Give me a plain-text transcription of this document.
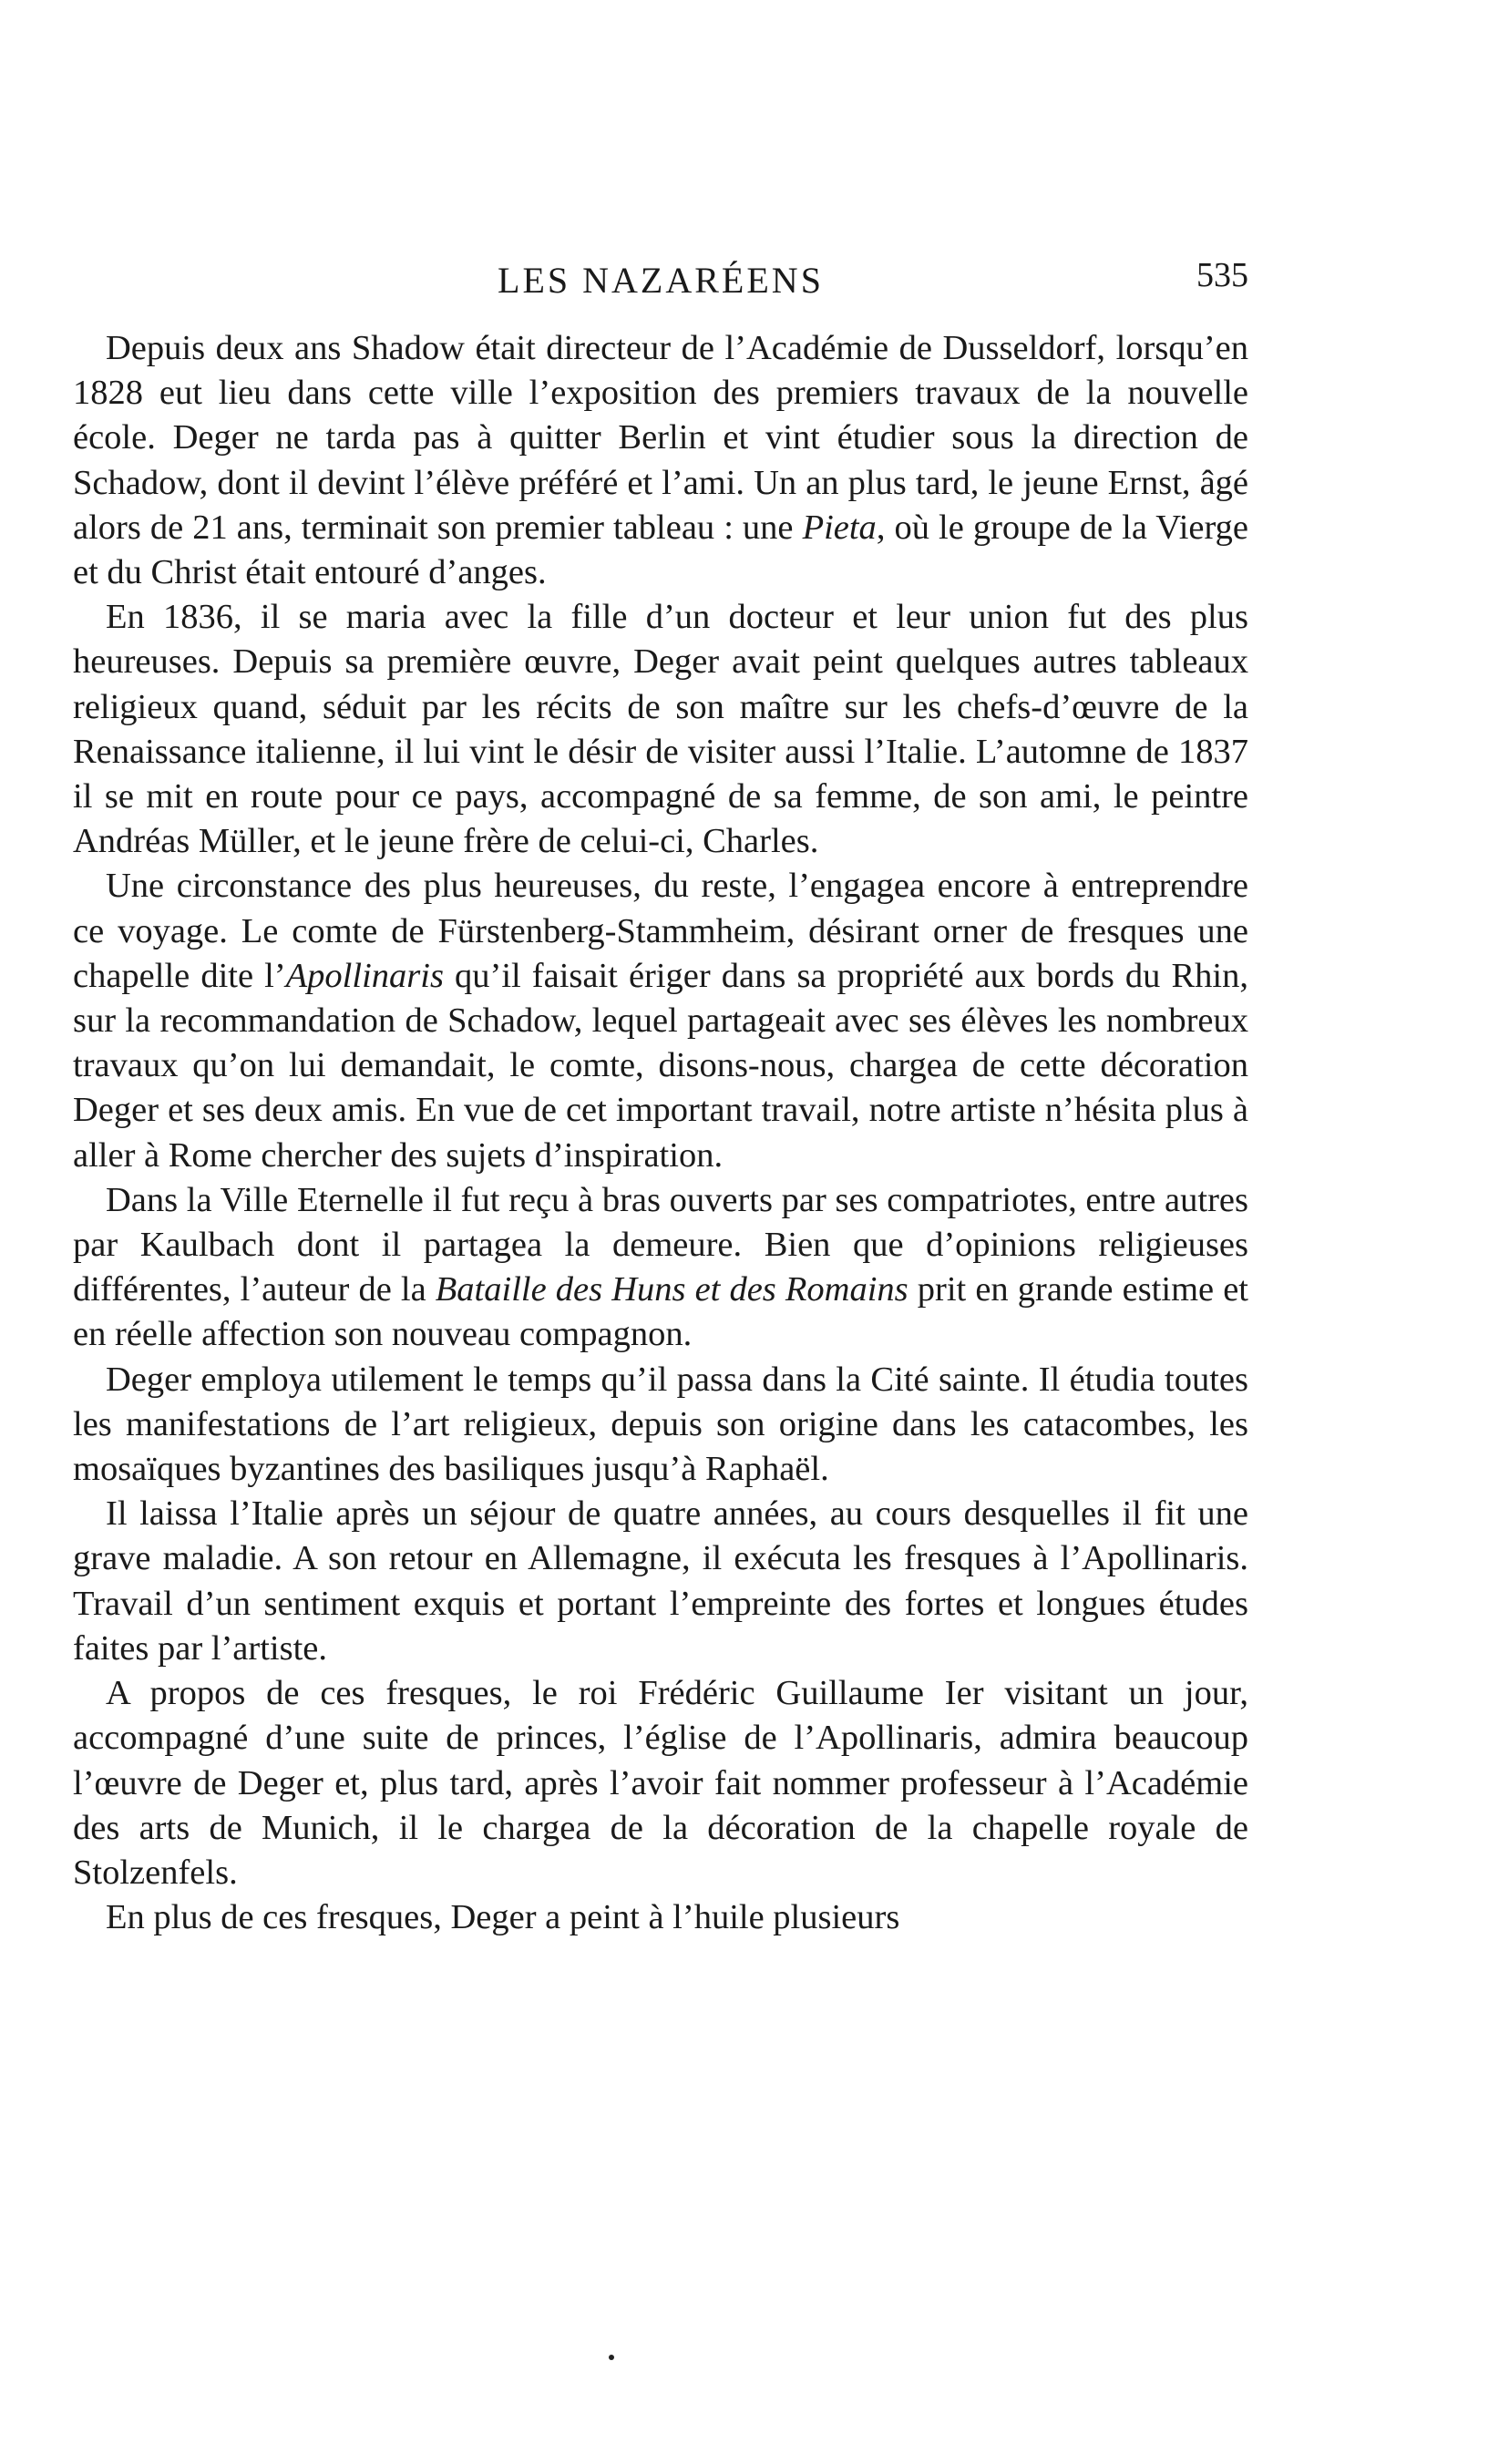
LES NAZARÉENS	535

Depuis deux ans Shadow était directeur de l’Académie de Dusseldorf, lorsqu’en 1828 eut lieu dans cette ville l’exposition des premiers travaux de la nouvelle école. Deger ne tarda pas à quitter Berlin et vint étudier sous la direction de Schadow, dont il devint l’élève préféré et l’ami. Un an plus tard, le jeune Ernst, âgé alors de 21 ans, terminait son premier tableau : une Pieta, où le groupe de la Vierge et du Christ était entouré d’anges.

En 1836, il se maria avec la fille d’un docteur et leur union fut des plus heureuses. Depuis sa première œuvre, Deger avait peint quelques autres tableaux religieux quand, séduit par les récits de son maître sur les chefs-d’œuvre de la Renaissance italienne, il lui vint le désir de visiter aussi l’Italie. L’automne de 1837 il se mit en route pour ce pays, accompagné de sa femme, de son ami, le peintre Andréas Müller, et le jeune frère de celui-ci, Charles.

Une circonstance des plus heureuses, du reste, l’engagea encore à entreprendre ce voyage. Le comte de Fürstenberg-Stammheim, désirant orner de fresques une chapelle dite l’Apollinaris qu’il faisait ériger dans sa propriété aux bords du Rhin, sur la recommandation de Schadow, lequel partageait avec ses élèves les nombreux travaux qu’on lui demandait, le comte, disons-nous, chargea de cette décoration Deger et ses deux amis. En vue de cet important travail, notre artiste n’hésita plus à aller à Rome chercher des sujets d’inspiration.

Dans la Ville Eternelle il fut reçu à bras ouverts par ses compatriotes, entre autres par Kaulbach dont il partagea la demeure. Bien que d’opinions religieuses différentes, l’auteur de la Bataille des Huns et des Romains prit en grande estime et en réelle affection son nouveau compagnon.

Deger employa utilement le temps qu’il passa dans la Cité sainte. Il étudia toutes les manifestations de l’art religieux, depuis son origine dans les catacombes, les mosaïques byzantines des basiliques jusqu’à Raphaël.

Il laissa l’Italie après un séjour de quatre années, au cours desquelles il fit une grave maladie. A son retour en Allemagne, il exécuta les fresques à l’Apollinaris. Travail d’un sentiment exquis et portant l’empreinte des fortes et longues études faites par l’artiste.

A propos de ces fresques, le roi Frédéric Guillaume Ier visitant un jour, accompagné d’une suite de princes, l’église de l’Apollinaris, admira beaucoup l’œuvre de Deger et, plus tard, après l’avoir fait nommer professeur à l’Académie des arts de Munich, il le chargea de la décoration de la chapelle royale de Stolzenfels.

En plus de ces fresques, Deger a peint à l’huile plusieurs
